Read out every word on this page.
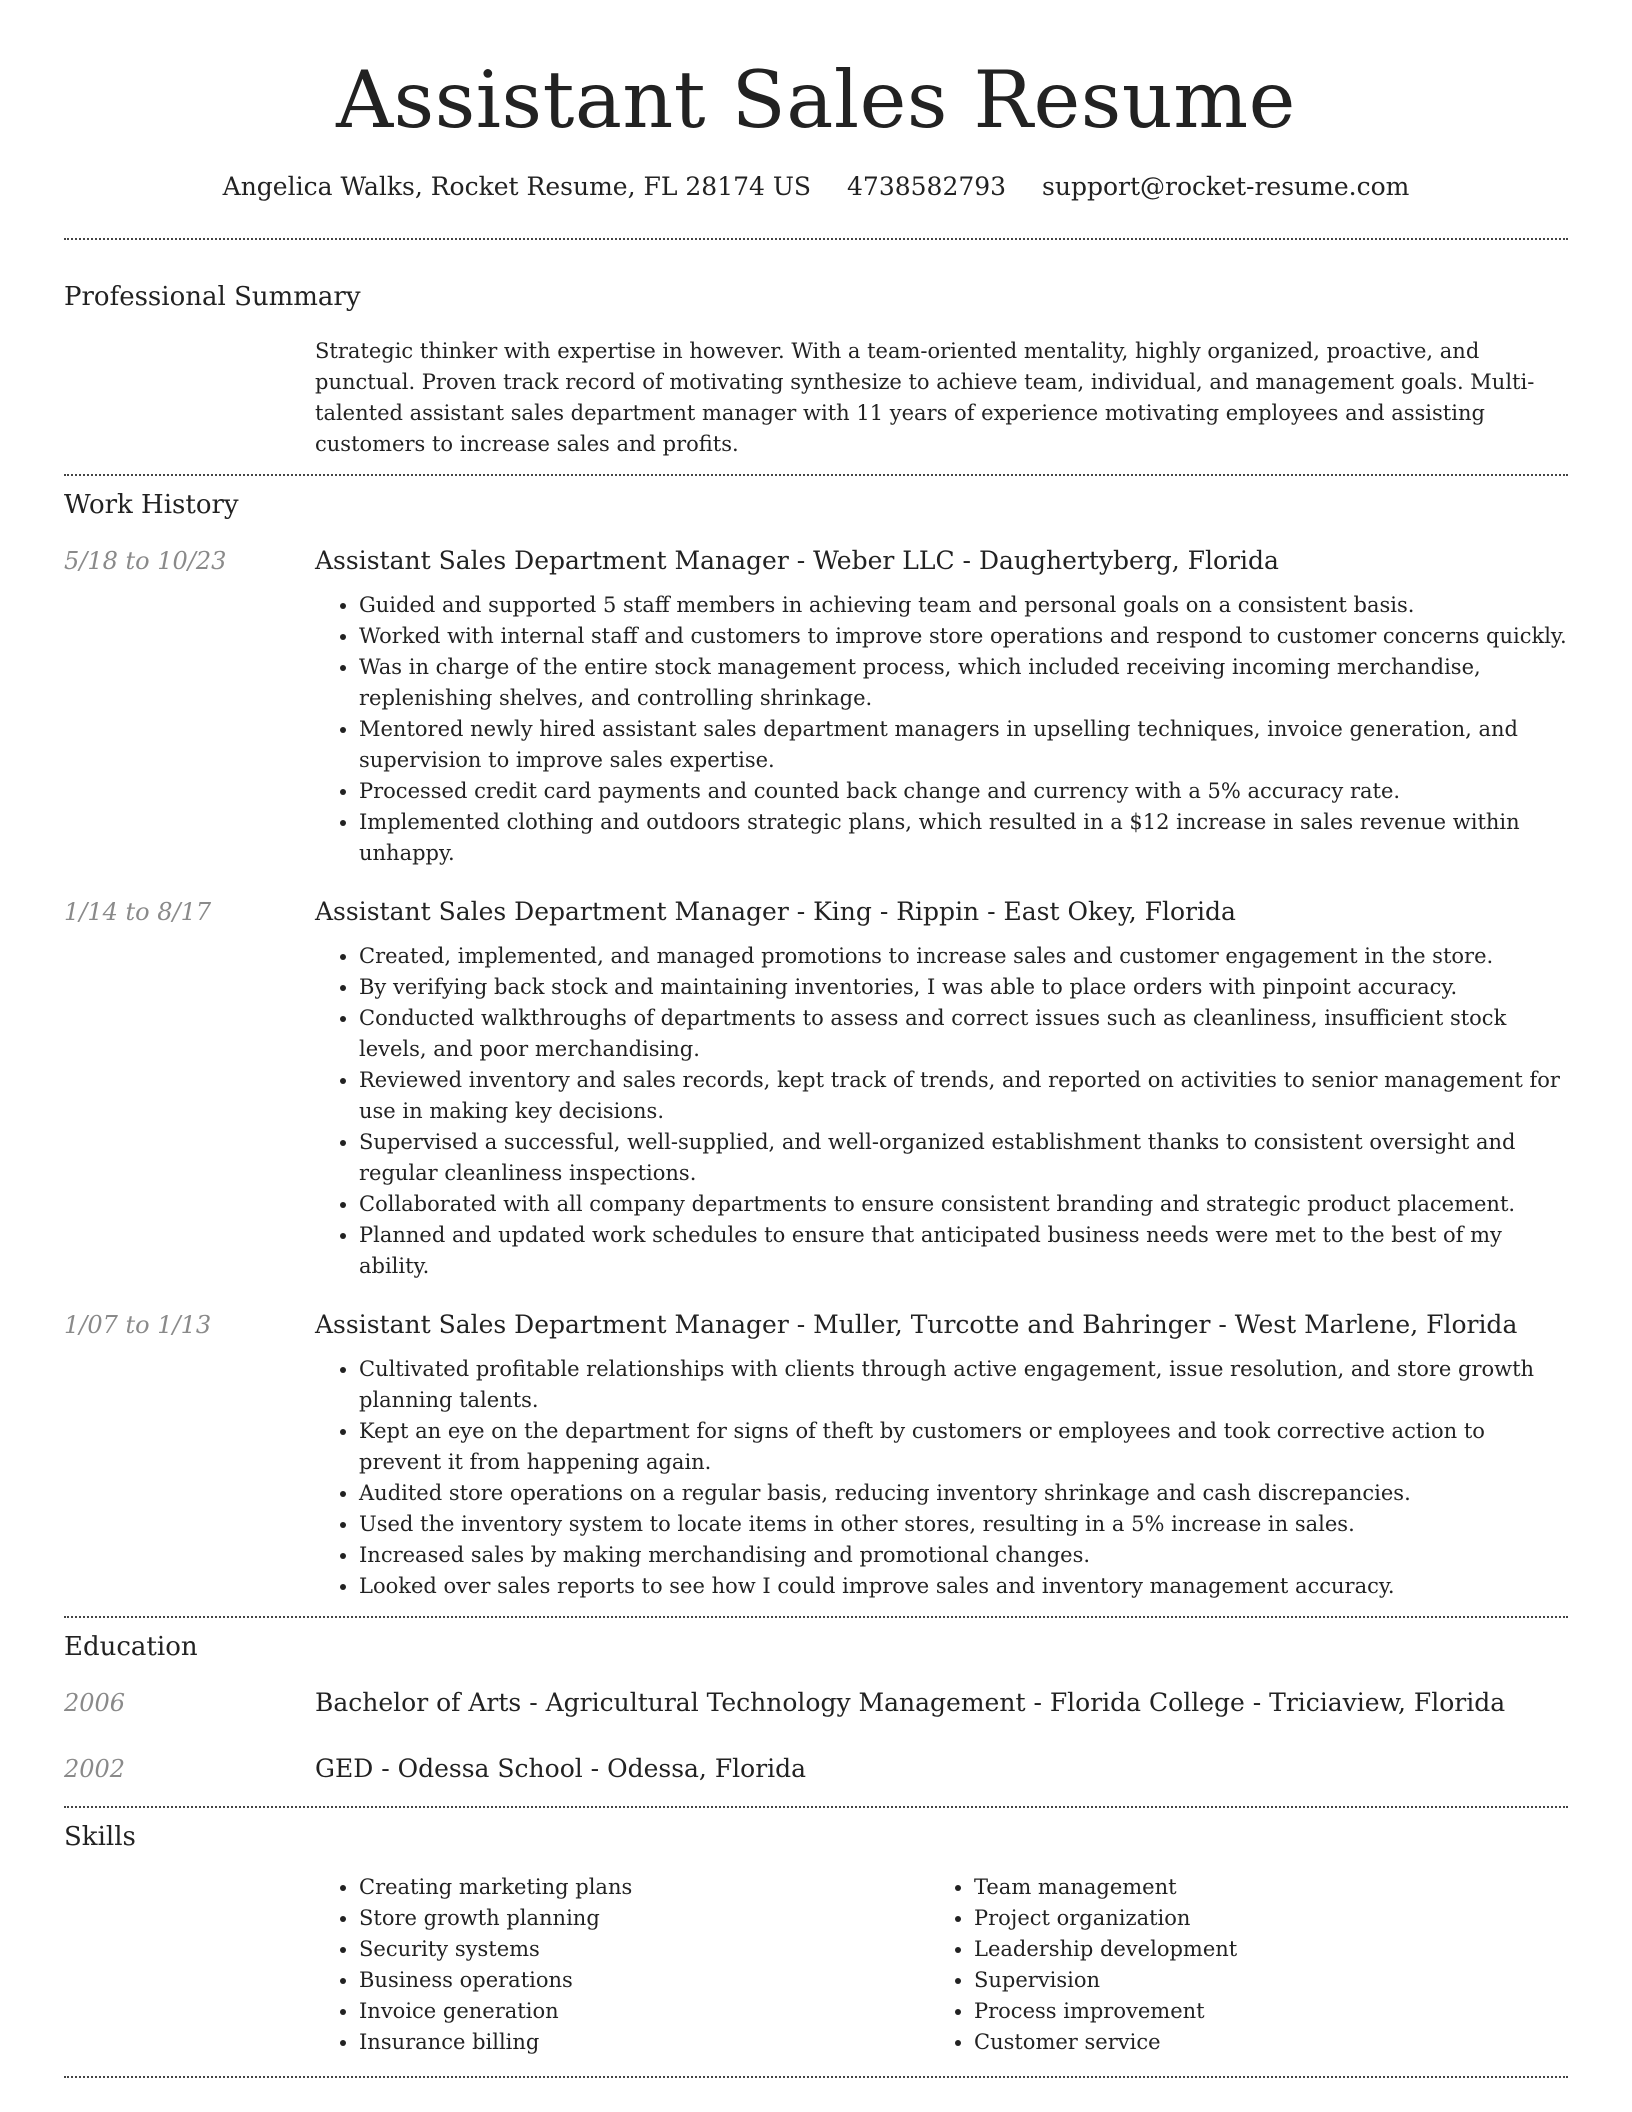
Assistant Sales Resume
Angelica Walks, Rocket Resume, FL 28174 US 4738582793 support@rocket-resume.com
Professional Summary

Strategic thinker with expertise in however. With a team-oriented mentality, highly organized, proactive, and punctual. Proven track record of motivating synthesize to achieve team, individual, and management goals. Multi-talented assistant sales department manager with 11 years of experience motivating employees and assisting customers to increase sales and profits.

Work History
5/18 to 10/23	Assistant Sales Department Manager - Weber LLC - Daughertyberg, Florida
• Guided and supported 5 staff members in achieving team and personal goals on a consistent basis.
• Worked with internal staff and customers to improve store operations and respond to customer concerns quickly.
• Was in charge of the entire stock management process, which included receiving incoming merchandise, replenishing shelves, and controlling shrinkage.
• Mentored newly hired assistant sales department managers in upselling techniques, invoice generation, and supervision to improve sales expertise.
• Processed credit card payments and counted back change and currency with a 5% accuracy rate.
• Implemented clothing and outdoors strategic plans, which resulted in a $12 increase in sales revenue within unhappy.
1/14 to 8/17	Assistant Sales Department Manager - King - Rippin - East Okey, Florida
• Created, implemented, and managed promotions to increase sales and customer engagement in the store.
• By verifying back stock and maintaining inventories, I was able to place orders with pinpoint accuracy.
• Conducted walkthroughs of departments to assess and correct issues such as cleanliness, insufficient stock levels, and poor merchandising.
• Reviewed inventory and sales records, kept track of trends, and reported on activities to senior management for use in making key decisions.
• Supervised a successful, well-supplied, and well-organized establishment thanks to consistent oversight and regular cleanliness inspections.
• Collaborated with all company departments to ensure consistent branding and strategic product placement.
• Planned and updated work schedules to ensure that anticipated business needs were met to the best of my ability.
1/07 to 1/13	Assistant Sales Department Manager - Muller, Turcotte and Bahringer - West Marlene, Florida
• Cultivated profitable relationships with clients through active engagement, issue resolution, and store growth planning talents.
• Kept an eye on the department for signs of theft by customers or employees and took corrective action to prevent it from happening again.
• Audited store operations on a regular basis, reducing inventory shrinkage and cash discrepancies.
• Used the inventory system to locate items in other stores, resulting in a 5% increase in sales.
• Increased sales by making merchandising and promotional changes.
• Looked over sales reports to see how I could improve sales and inventory management accuracy.
Education
2006	Bachelor of Arts - Agricultural Technology Management - Florida College - Triciaview, Florida
2002	GED - Odessa School - Odessa, Florida
Skills
• Creating marketing plans
• Store growth planning
• Security systems
• Business operations
• Invoice generation
• Insurance billing
• Team management
• Project organization
• Leadership development
• Supervision
• Process improvement
• Customer service
